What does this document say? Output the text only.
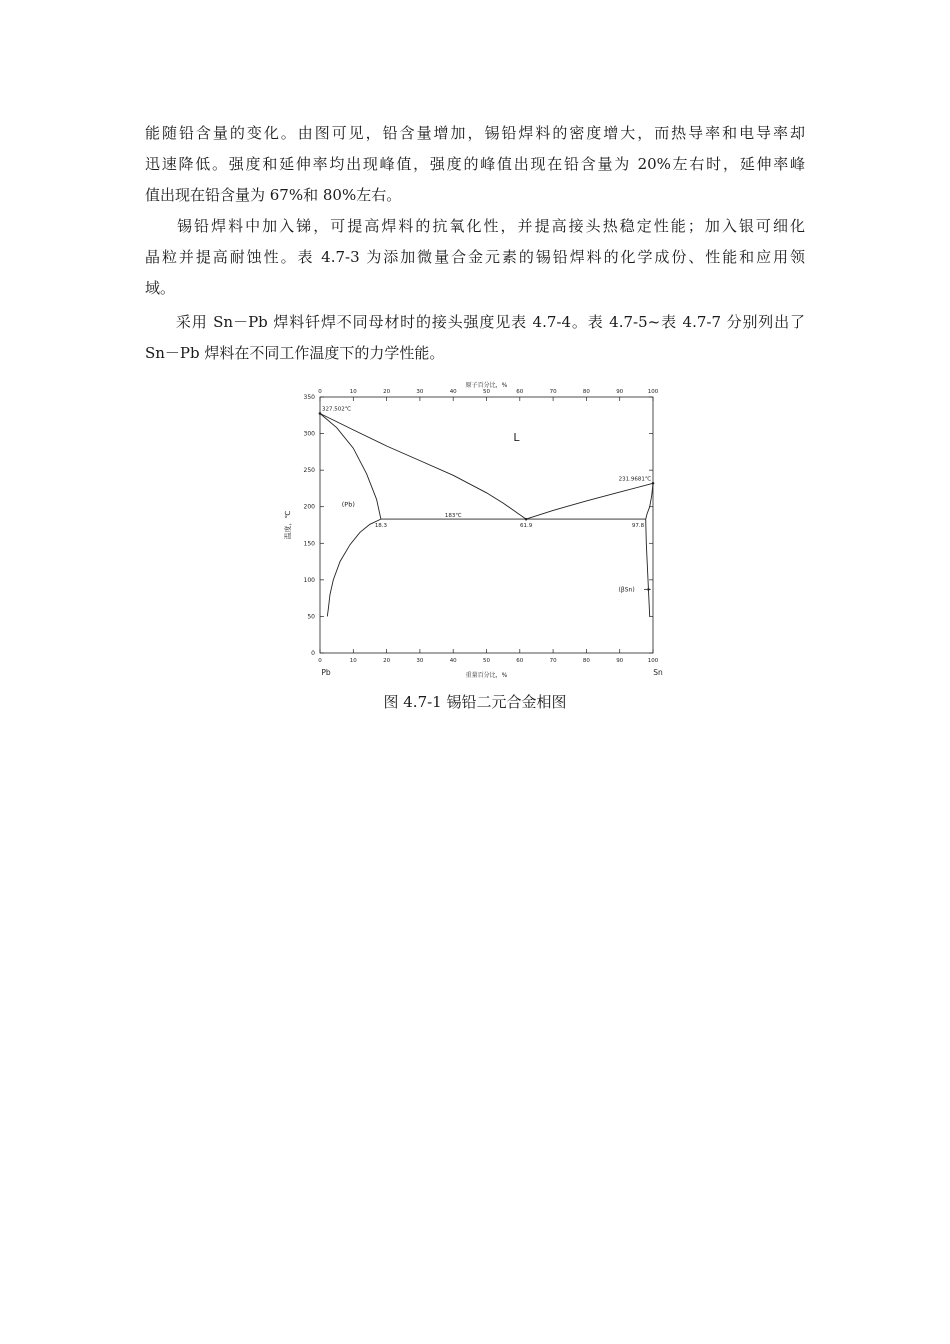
能随铅含量的变化。由图可见，铅含量增加，锡铅焊料的密度增大，而热导率和电导率却
迅速降低。强度和延伸率均出现峰值，强度的峰值出现在铅含量为 20%左右时，延伸率峰

值出现在铅含量为 67%和 80%左右。

锡铅焊料中加入锑，可提高焊料的抗氧化性，并提高接头热稳定性能；加入银可细化
晶粒并提高耐蚀性。表 4.7-3 为添加微量合金元素的锡铅焊料的化学成份、性能和应用领

域。

采用 Sn－Pb 焊料钎焊不同母材时的接头强度见表 4.7-4。表 4.7-5~表 4.7-7 分别列出了

Sn－Pb 焊料在不同工作温度下的力学性能。

0
50
100
150
200
250
300
350
0	10	20	30	40	50	60	70	80	90	100
0	10	20	30	40	50	60	70	80	90	100
327.502℃
231.9681℃
183℃
18.3	61.9	97.8
L
(Pb)
(βSn)
原子百分比，%
重量百分比，%
温度，℃
Pb	Sn
图 4.7-1 锡铅二元合金相图
